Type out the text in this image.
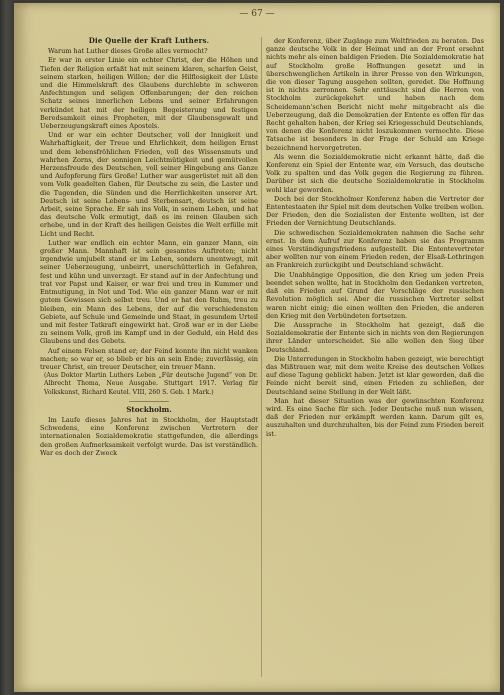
— 67 —
Die Quelle der Kraft Luthers.

Warum hat Luther dieses Große alles vermocht?

Er war in erster Linie ein echter Christ, der die Höhen und Tiefen der Religion erfaßt hat mit seinem klaren, scharfen Geist, seinem starken, heiligen Willen; der die Hilflosigkeit der Lüste und die Himmelskraft des Glaubens durchlebte in schweren Anfechtungen und seligen Offenbarungen; der den reichen Schatz seines innerlichen Lebens und seiner Erfahrungen verkündet hat mit der heiligen Begeisterung und festigen Beredsamkeit eines Propheten, mit der Glaubensgewalt und Ueberzeugungskraft eines Apostels.

Und er war ein echter Deutscher, voll der Innigkeit und Wahrhaftigkeit, der Treue und Ehrlichkeit, dem heiligen Ernst und dem lebensfröhlichen Frieden, voll des Wissensmuts und wahrhen Zorns, der sonnigen Leichtmütigkeit und gemütvollen Herzensfreude des Deutschen, voll seiner Hingebung ans Ganze und Aufopferung fürs Große! Luther war ausgerüstet mit all den vom Volk geadelten Gaben, für Deutsche zu sein, die Laster und die Tugenden, die Sünden und die Herrlichkeiten unserer Art. Deutsch ist seine Lebens- und Sterbensart, deutsch ist seine Arbeit, seine Sprache. Er sah ins Volk, in seinem Leben, und hat das deutsche Volk ermutigt, daß es im reinen Glauben sich erhebe, und in der Kraft des heiligen Geistes die Welt erfülle mit Licht und Recht.

Luther war endlich ein echter Mann, ein ganzer Mann, ein großer Mann. Mannhaft ist sein gesamtes Auftreten; nicht irgendwie umjubelt stand er im Leben, sondern unentwegt, mit seiner Ueberzeugung, unbeirrt, unerschütterlich in Gefahren, fest und kühn und unverzagt. Er stand auf in der Anfechtung und trat vor Papst und Kaiser, er war frei und treu in Kummer und Entmutigung, in Not und Tod. Wie ein ganzer Mann war er mit gutem Gewissen sich selbst treu. Und er hat den Ruhm, treu zu bleiben, ein Mann des Lebens, der auf die verschiedensten Gebiete, auf Schule und Gemeinde und Staat, in gesundem Urteil und mit fester Tatkraft eingewirkt hat. Groß war er in der Liebe zu seinem Volk, groß im Kampf und in der Geduld, ein Held des Glaubens und des Gebets.

Auf einem Felsen stand er; der Feind konnte ihn nicht wanken machen; so war er, so blieb er bis an sein Ende; zuverlässig, ein treuer Christ, ein treuer Deutscher, ein treuer Mann.

(Aus Doktor Martin Luthers Leben „Für deutsche Jugend“ von Dr. Albrecht Thoma, Neue Ausgabe. Stuttgart 1917. Verlag für Volkskunst, Richard Keutel. VIII, 260 S. Geb. 1 Mark.)

Stockholm.

Im Laufe dieses Jahres hat in Stockholm, der Hauptstadt Schwedens, eine Konferenz zwischen Vertretern der internationalen Sozialdemokratie stattgefunden, die allerdings den großen Aufmerksamkeit verfolgt wurde. Das ist verständlich. War es doch der Zweck

der Konferenz, über Zugänge zum Weltfrieden zu beraten. Das ganze deutsche Volk in der Heimat und an der Front ersehnt nichts mehr als einen baldigen Frieden. Die Sozialdemokratie hat auf Stockholm große Hoffnungen gesetzt und in überschwenglichen Artikeln in ihrer Presse von den Wirkungen, die von dieser Tagung ausgehen sollten, geredet. Die Hoffnung ist in nichts zerronnen. Sehr enttäuscht sind die Herren von Stockholm zurückgekehrt und haben nach dem Scheidemann'schen Bericht nicht mehr mitgebracht als die Ueberzeugung, daß die Demokratien der Entente es offen für das Recht gehalten haben, der Krieg sei Kriegesschuld Deutschlands, von denen die Konferenz nicht loszukommen vermochte. Diese Tatsache ist besonders in der Frage der Schuld am Kriege bezeichnend hervorgetreten.

Als wenn die Sozialdemokratie nicht erkannt hätte, daß die Konferenz ein Spiel der Entente war, ein Versuch, das deutsche Volk zu spalten und das Volk gegen die Regierung zu führen. Darüber ist sich die deutsche Sozialdemokratie in Stockholm wohl klar geworden.

Doch bei der Stockholmer Konferenz haben die Vertreter der Ententestaaten ihr Spiel mit dem deutschen Volke treiben wollen. Der Frieden, den die Sozialisten der Entente wollten, ist der Frieden der Vernichtung Deutschlands.

Die schwedischen Sozialdemokraten nahmen die Sache sehr ernst. In dem Aufruf zur Konferenz haben sie das Programm eines Verständigungsfriedens aufgestellt. Die Ententevertreter aber wollten nur von einem Frieden reden, der Elsaß-Lothringen an Frankreich zurückgibt und Deutschland schwächt.

Die Unabhängige Opposition, die den Krieg um jeden Preis beendet sehen wollte, hat in Stockholm den Gedanken vertreten, daß ein Frieden auf Grund der Vorschläge der russischen Revolution möglich sei. Aber die russischen Vertreter selbst waren nicht einig; die einen wollten den Frieden, die anderen den Krieg mit den Verbündeten fortsetzen.

Die Aussprache in Stockholm hat gezeigt, daß die Sozialdemokratie der Entente sich in nichts von den Regierungen ihrer Länder unterscheidet. Sie alle wollen den Sieg über Deutschland.

Die Unterredungen in Stockholm haben gezeigt, wie berechtigt das Mißtrauen war, mit dem weite Kreise des deutschen Volkes auf diese Tagung geblickt haben. Jetzt ist klar geworden, daß die Feinde nicht bereit sind, einen Frieden zu schließen, der Deutschland seine Stellung in der Welt läßt.

Man hat dieser Situation was der gewünschten Konferenz wird. Es eine Sache für sich. Jeder Deutsche muß nun wissen, daß der Frieden nur erkämpft werden kann. Darum gilt es, auszuhalten und durchzuhalten, bis der Feind zum Frieden bereit ist.
